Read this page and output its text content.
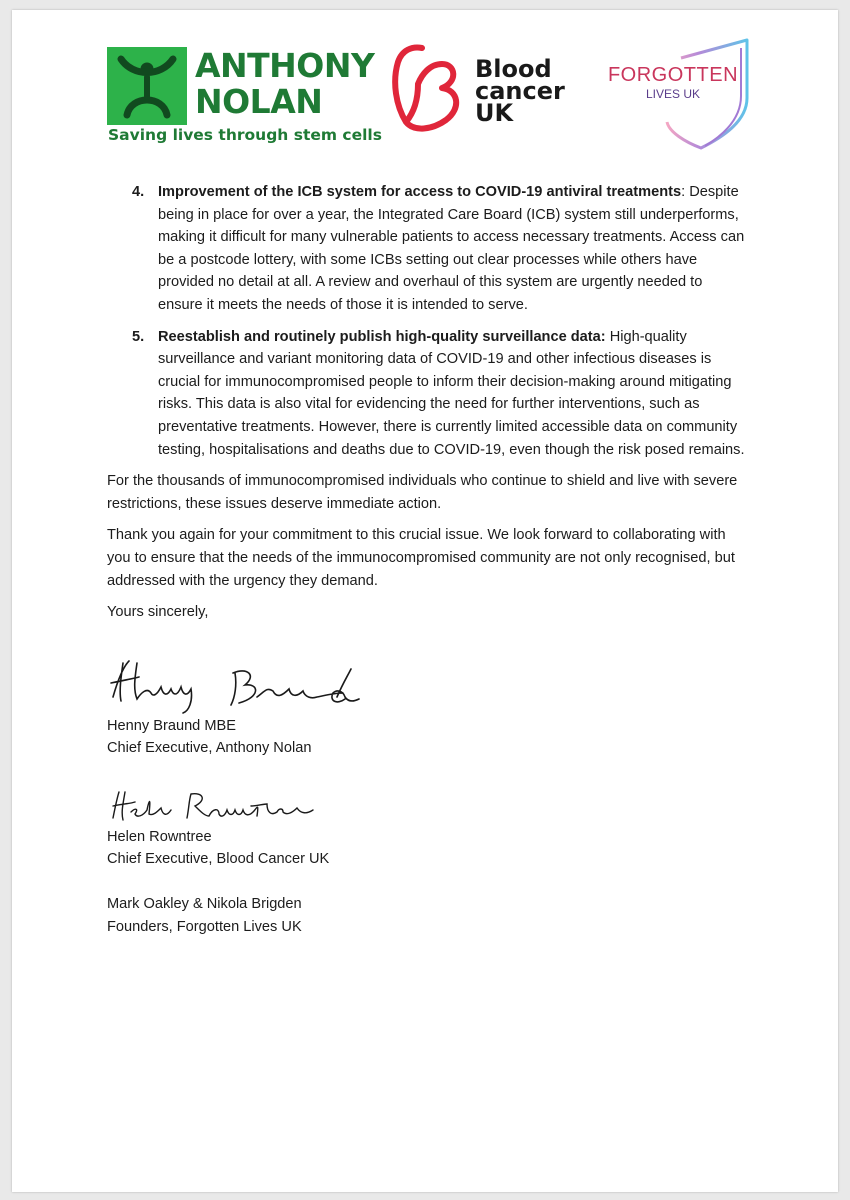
ANTHONY NOLAN
Saving lives through stem cells
Blood cancer UK
FORGOTTEN
LIVES UK
4. Improvement of the ICB system for access to COVID-19 antiviral treatments: Despite being in place for over a year, the Integrated Care Board (ICB) system still underperforms, making it difficult for many vulnerable patients to access necessary treatments. Access can be a postcode lottery, with some ICBs setting out clear processes while others have provided no detail at all. A review and overhaul of this system are urgently needed to ensure it meets the needs of those it is intended to serve.
5. Reestablish and routinely publish high-quality surveillance data: High-quality surveillance and variant monitoring data of COVID-19 and other infectious diseases is crucial for immunocompromised people to inform their decision-making around mitigating risks. This data is also vital for evidencing the need for further interventions, such as preventative treatments. However, there is currently limited accessible data on community testing, hospitalisations and deaths due to COVID-19, even though the risk posed remains.

For the thousands of immunocompromised individuals who continue to shield and live with severe restrictions, these issues deserve immediate action.

Thank you again for your commitment to this crucial issue. We look forward to collaborating with you to ensure that the needs of the immunocompromised community are not only recognised, but addressed with the urgency they demand.

Yours sincerely,

Henny Braund MBE
Chief Executive, Anthony Nolan
Helen Rowntree
Chief Executive, Blood Cancer UK
Mark Oakley & Nikola Brigden
Founders, Forgotten Lives UK
